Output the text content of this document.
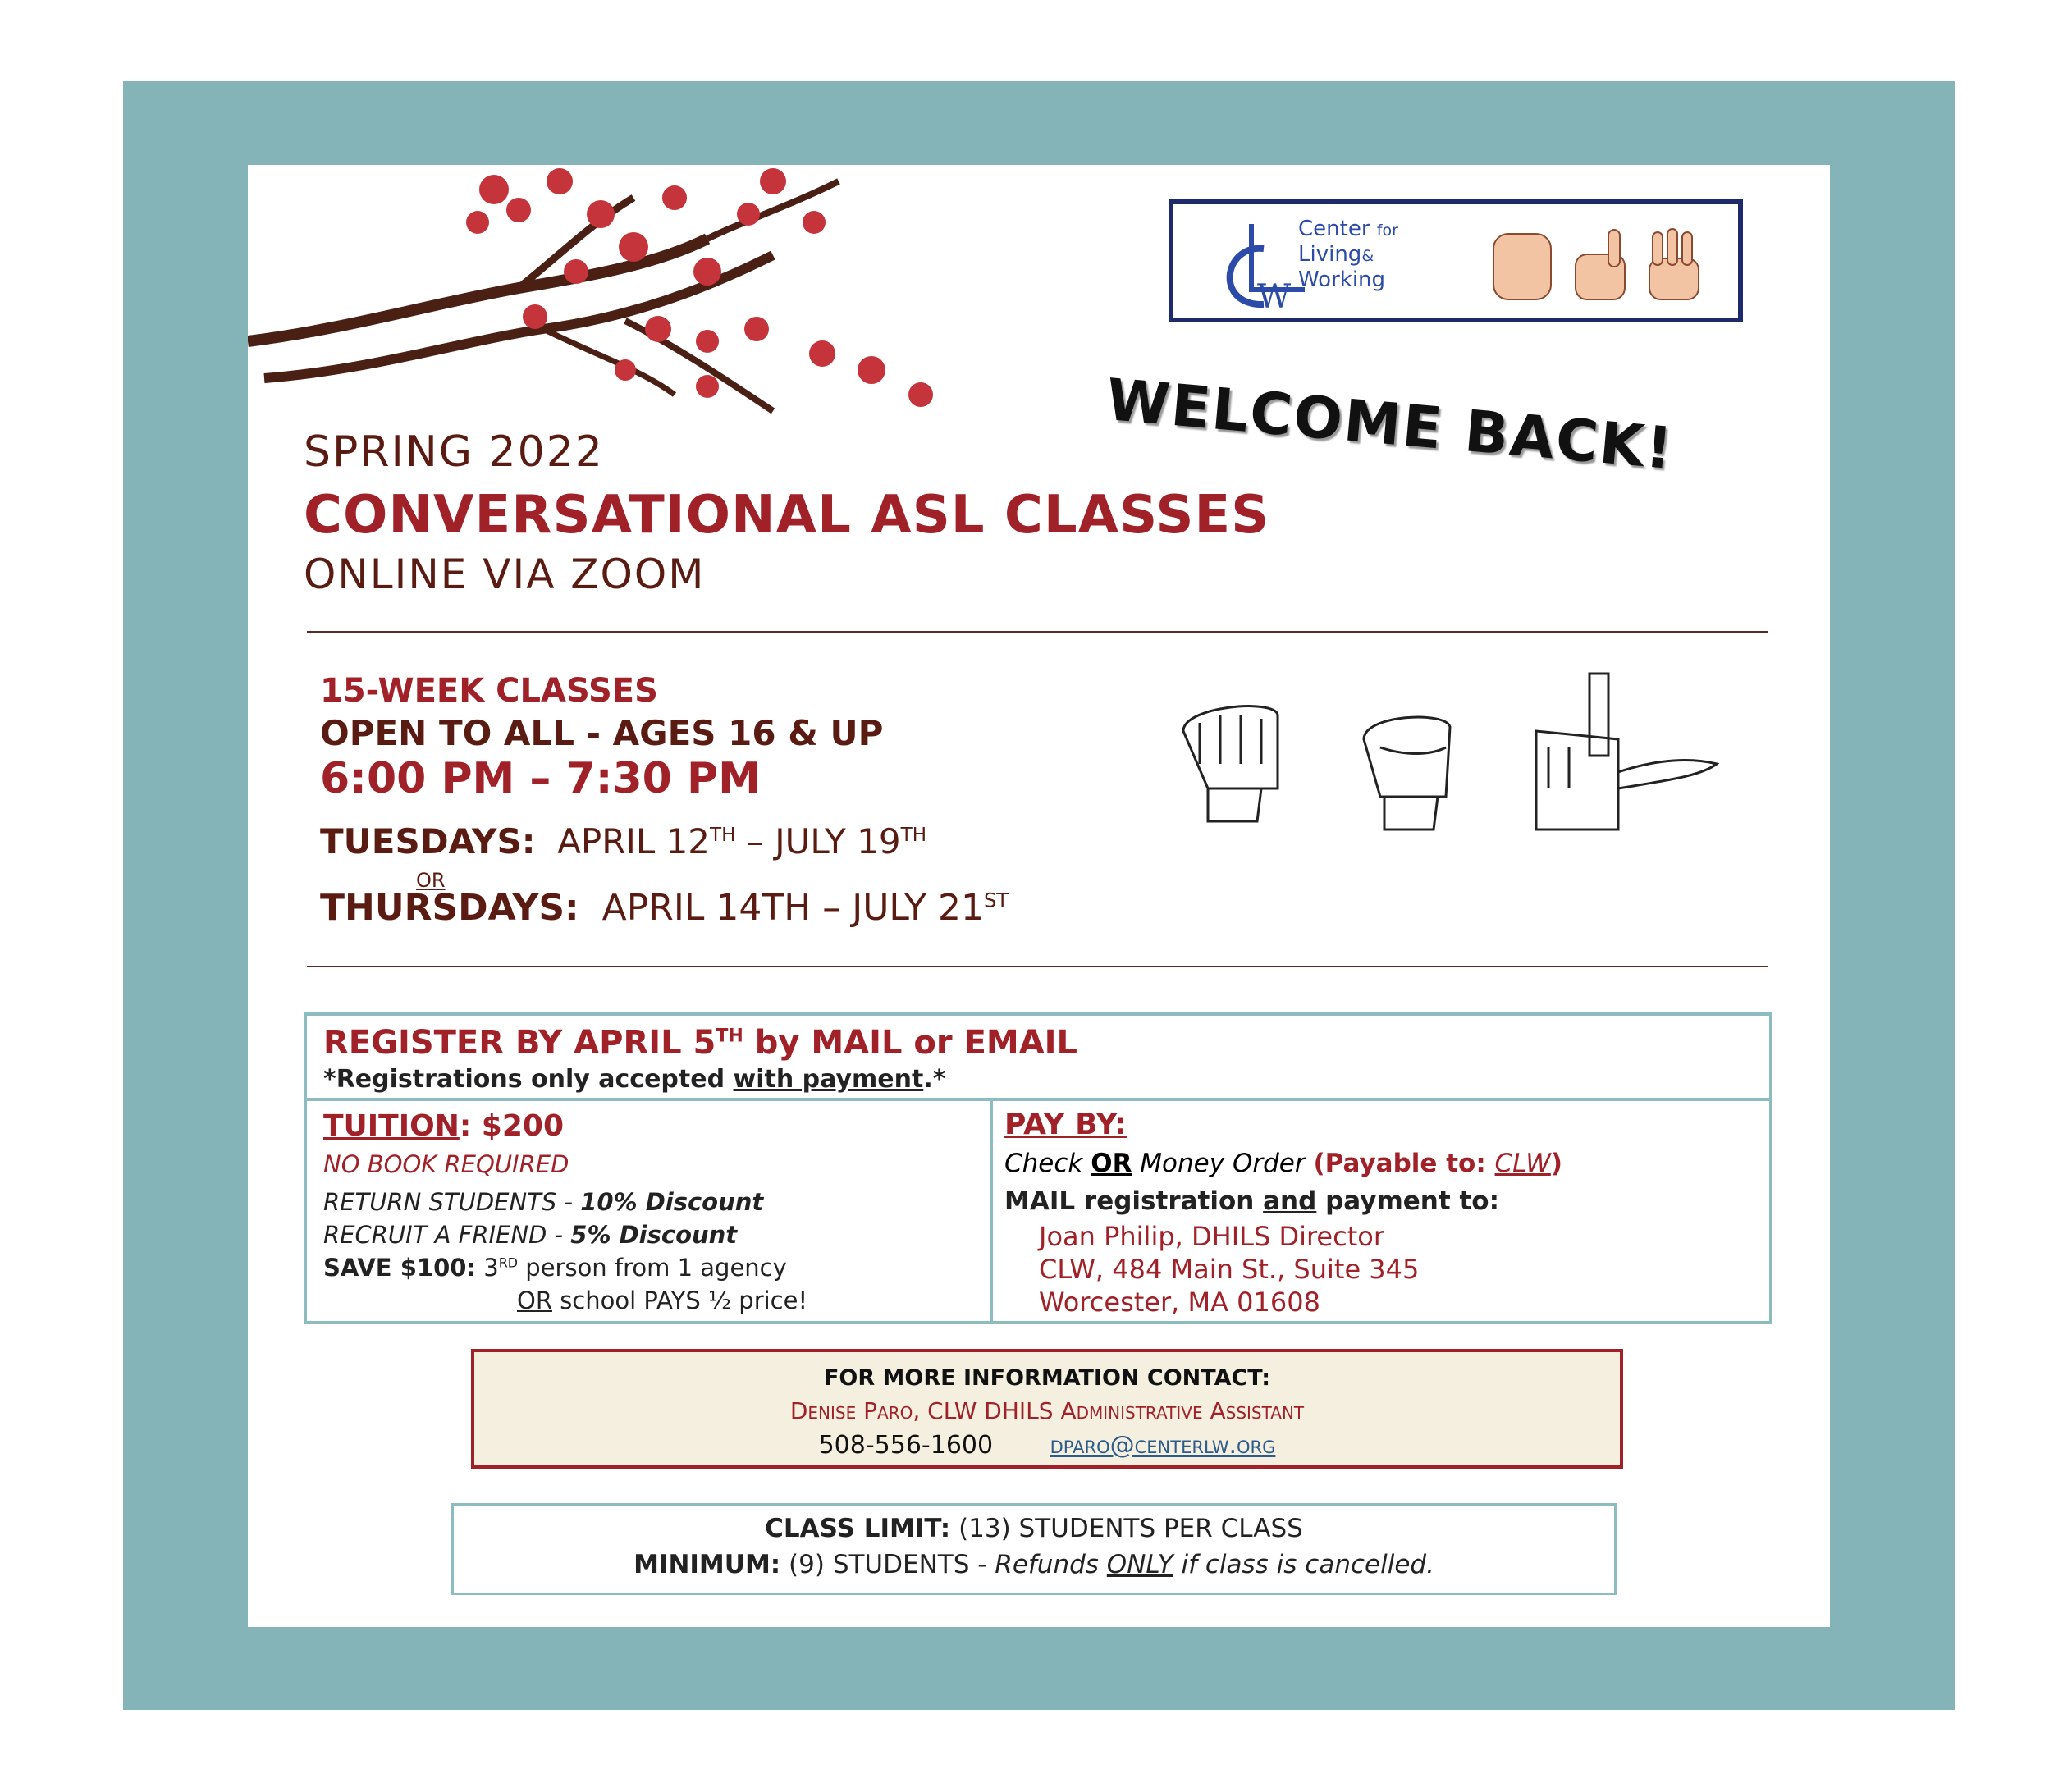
W
Center for
Living&
Working
WELCOME BACK!
SPRING 2022
CONVERSATIONAL ASL CLASSES
ONLINE VIA ZOOM
15-WEEK CLASSES
OPEN TO ALL - AGES 16 & UP
6:00 PM – 7:30 PM
TUESDAYS: APRIL 12TH – JULY 19TH
OR
THURSDAYS: APRIL 14TH – JULY 21ST
REGISTER BY APRIL 5TH by MAIL or EMAIL
*Registrations only accepted with payment.*
TUITION: $200
NO BOOK REQUIRED
RETURN STUDENTS - 10% Discount
RECRUIT A FRIEND - 5% Discount
SAVE $100: 3RD person from 1 agency
OR school PAYS ½ price!
PAY BY:
Check OR Money Order (Payable to: CLW)
MAIL registration and payment to:
Joan Philip, DHILS Director
CLW, 484 Main St., Suite 345
Worcester, MA 01608
FOR MORE INFORMATION CONTACT:
Denise Paro, CLW DHILS Administrative Assistant
508-556-1600 dparo@centerlw.org
CLASS LIMIT: (13) STUDENTS PER CLASS
MINIMUM: (9) STUDENTS - Refunds ONLY if class is cancelled.
